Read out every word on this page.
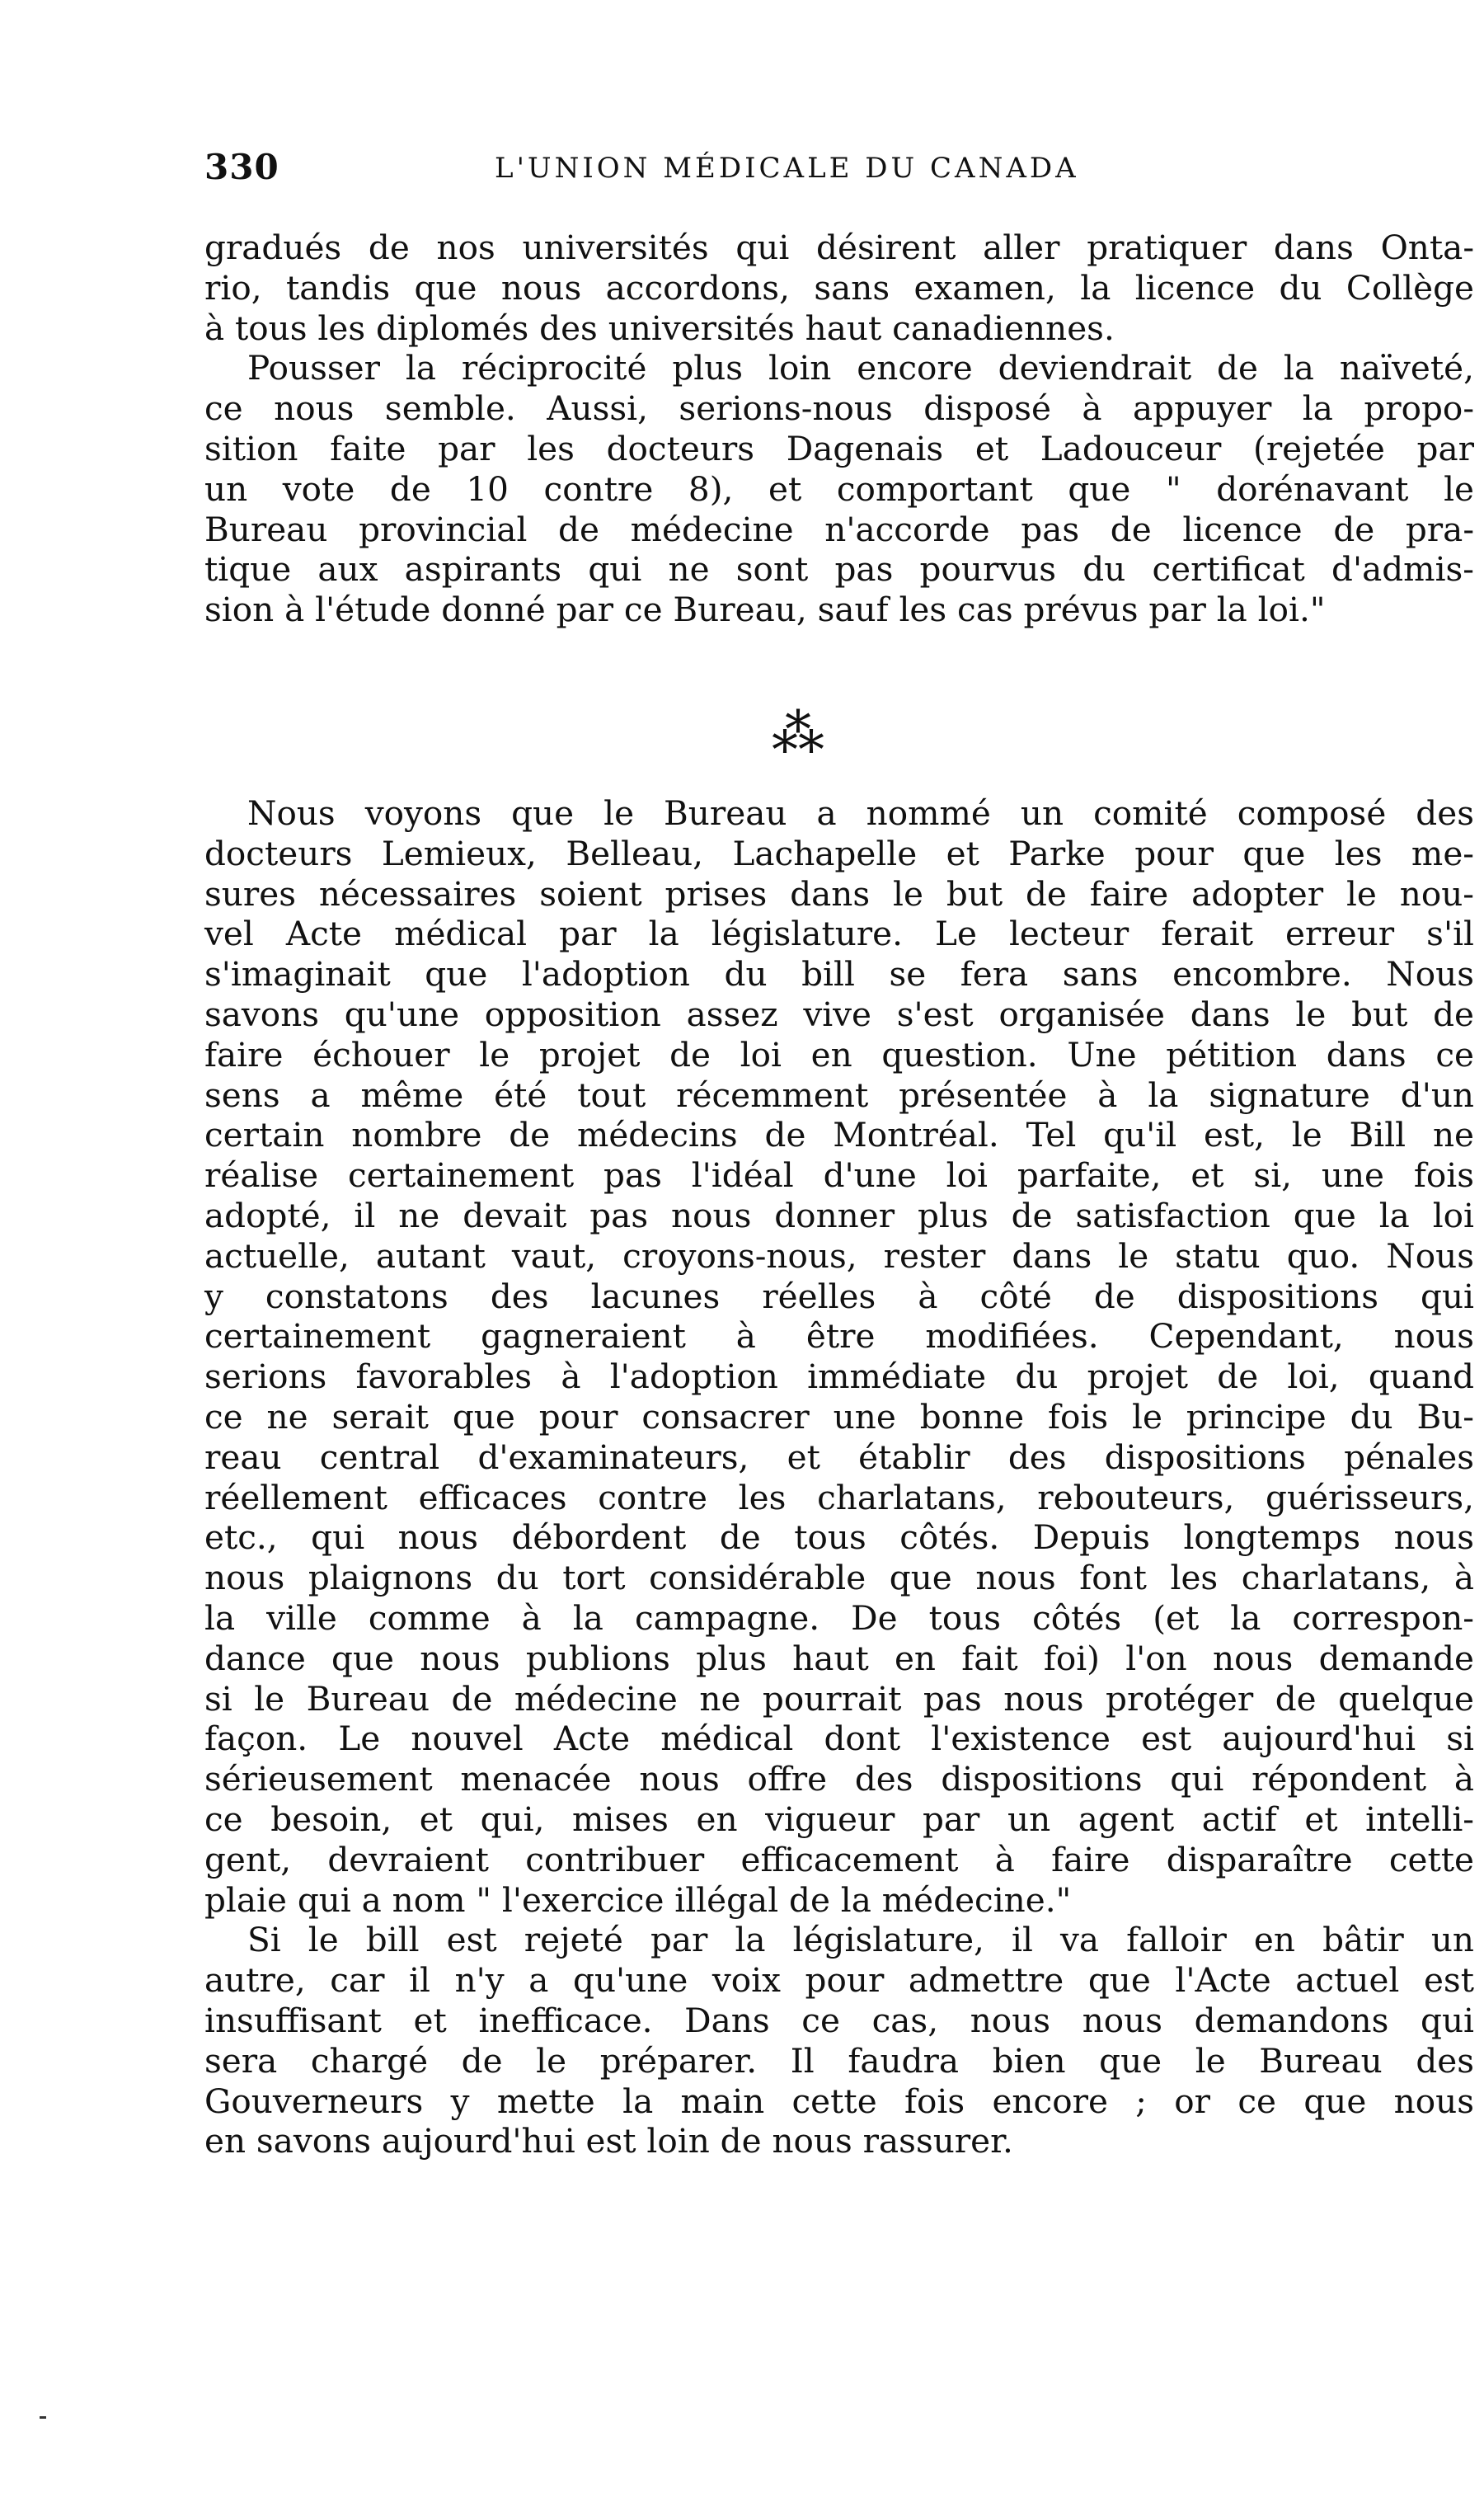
330	L'UNION MÉDICALE DU CANADA
gradués de nos universités qui désirent aller pratiquer dans Onta-
rio, tandis que nous accordons, sans examen, la licence du Collège
à tous les diplomés des universités haut canadiennes.
Pousser la réciprocité plus loin encore deviendrait de la naïveté,
ce nous semble. Aussi, serions-nous disposé à appuyer la propo-
sition faite par les docteurs Dagenais et Ladouceur (rejetée par
un vote de 10 contre 8), et comportant que " dorénavant le
Bureau provincial de médecine n'accorde pas de licence de pra-
tique aux aspirants qui ne sont pas pourvus du certificat d'admis-
sion à l'étude donné par ce Bureau, sauf les cas prévus par la loi."
⁂
Nous voyons que le Bureau a nommé un comité composé des
docteurs Lemieux, Belleau, Lachapelle et Parke pour que les me-
sures nécessaires soient prises dans le but de faire adopter le nou-
vel Acte médical par la législature. Le lecteur ferait erreur s'il
s'imaginait que l'adoption du bill se fera sans encombre. Nous
savons qu'une opposition assez vive s'est organisée dans le but de
faire échouer le projet de loi en question. Une pétition dans ce
sens a même été tout récemment présentée à la signature d'un
certain nombre de médecins de Montréal. Tel qu'il est, le Bill ne
réalise certainement pas l'idéal d'une loi parfaite, et si, une fois
adopté, il ne devait pas nous donner plus de satisfaction que la loi
actuelle, autant vaut, croyons-nous, rester dans le statu quo. Nous
y constatons des lacunes réelles à côté de dispositions qui
certainement gagneraient à être modifiées. Cependant, nous
serions favorables à l'adoption immédiate du projet de loi, quand
ce ne serait que pour consacrer une bonne fois le principe du Bu-
reau central d'examinateurs, et établir des dispositions pénales
réellement efficaces contre les charlatans, rebouteurs, guérisseurs,
etc., qui nous débordent de tous côtés. Depuis longtemps nous
nous plaignons du tort considérable que nous font les charlatans, à
la ville comme à la campagne. De tous côtés (et la correspon-
dance que nous publions plus haut en fait foi) l'on nous demande
si le Bureau de médecine ne pourrait pas nous protéger de quelque
façon. Le nouvel Acte médical dont l'existence est aujourd'hui si
sérieusement menacée nous offre des dispositions qui répondent à
ce besoin, et qui, mises en vigueur par un agent actif et intelli-
gent, devraient contribuer efficacement à faire disparaître cette
plaie qui a nom " l'exercice illégal de la médecine."
Si le bill est rejeté par la législature, il va falloir en bâtir un
autre, car il n'y a qu'une voix pour admettre que l'Acte actuel est
insuffisant et inefficace. Dans ce cas, nous nous demandons qui
sera chargé de le préparer. Il faudra bien que le Bureau des
Gouverneurs y mette la main cette fois encore ; or ce que nous
en savons aujourd'hui est loin de nous rassurer.
